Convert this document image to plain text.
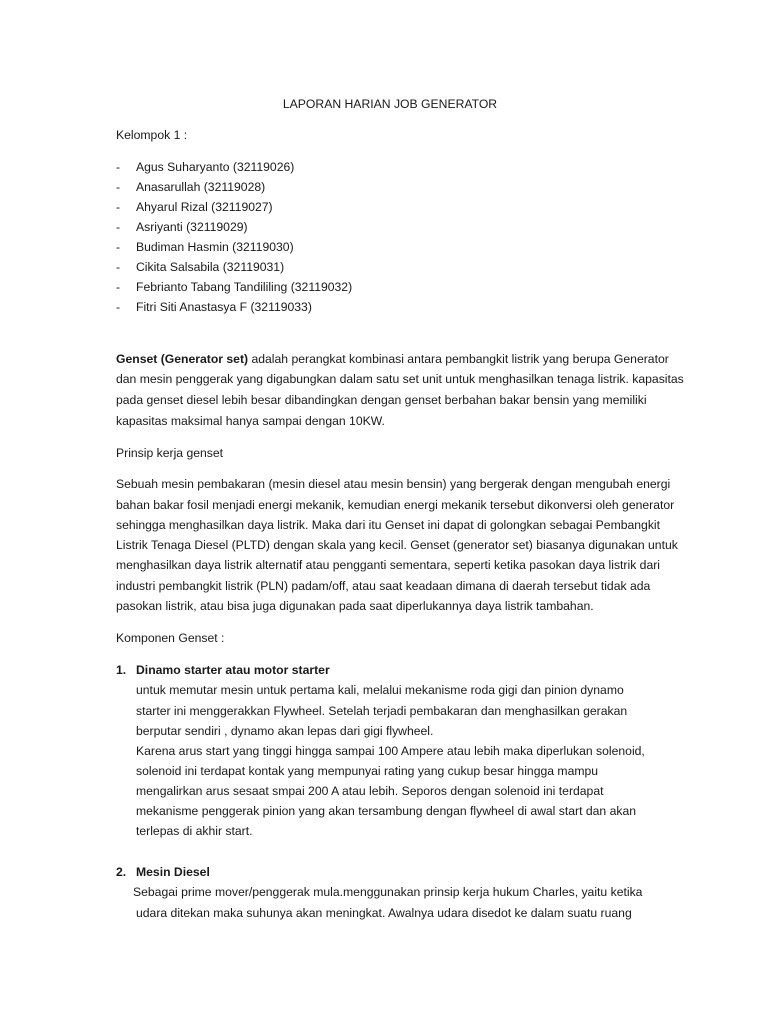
LAPORAN HARIAN JOB GENERATOR
Kelompok 1 :
- Agus Suharyanto (32119026)
- Anasarullah (32119028)
- Ahyarul Rizal (32119027)
- Asriyanti (32119029)
- Budiman Hasmin (32119030)
- Cikita Salsabila (32119031)
- Febrianto Tabang Tandililing (32119032)
- Fitri Siti Anastasya F (32119033)
Genset (Generator set) adalah perangkat kombinasi antara pembangkit listrik yang berupa Generator
dan mesin penggerak yang digabungkan dalam satu set unit untuk menghasilkan tenaga listrik. kapasitas
pada genset diesel lebih besar dibandingkan dengan genset berbahan bakar bensin yang memiliki
kapasitas maksimal hanya sampai dengan 10KW.
Prinsip kerja genset
Sebuah mesin pembakaran (mesin diesel atau mesin bensin) yang bergerak dengan mengubah energi
bahan bakar fosil menjadi energi mekanik, kemudian energi mekanik tersebut dikonversi oleh generator
sehingga menghasilkan daya listrik. Maka dari itu Genset ini dapat di golongkan sebagai Pembangkit
Listrik Tenaga Diesel (PLTD) dengan skala yang kecil. Genset (generator set) biasanya digunakan untuk
menghasilkan daya listrik alternatif atau pengganti sementara, seperti ketika pasokan daya listrik dari
industri pembangkit listrik (PLN) padam/off, atau saat keadaan dimana di daerah tersebut tidak ada
pasokan listrik, atau bisa juga digunakan pada saat diperlukannya daya listrik tambahan.
Komponen Genset :
1. Dinamo starter atau motor starter
untuk memutar mesin untuk pertama kali, melalui mekanisme roda gigi dan pinion dynamo
starter ini menggerakkan Flywheel. Setelah terjadi pembakaran dan menghasilkan gerakan
berputar sendiri , dynamo akan lepas dari gigi flywheel.
Karena arus start yang tinggi hingga sampai 100 Ampere atau lebih maka diperlukan solenoid,
solenoid ini terdapat kontak yang mempunyai rating yang cukup besar hingga mampu
mengalirkan arus sesaat smpai 200 A atau lebih. Seporos dengan solenoid ini terdapat
mekanisme penggerak pinion yang akan tersambung dengan flywheel di awal start dan akan
terlepas di akhir start.
2. Mesin Diesel
Sebagai prime mover/penggerak mula.menggunakan prinsip kerja hukum Charles, yaitu ketika
udara ditekan maka suhunya akan meningkat. Awalnya udara disedot ke dalam suatu ruang
